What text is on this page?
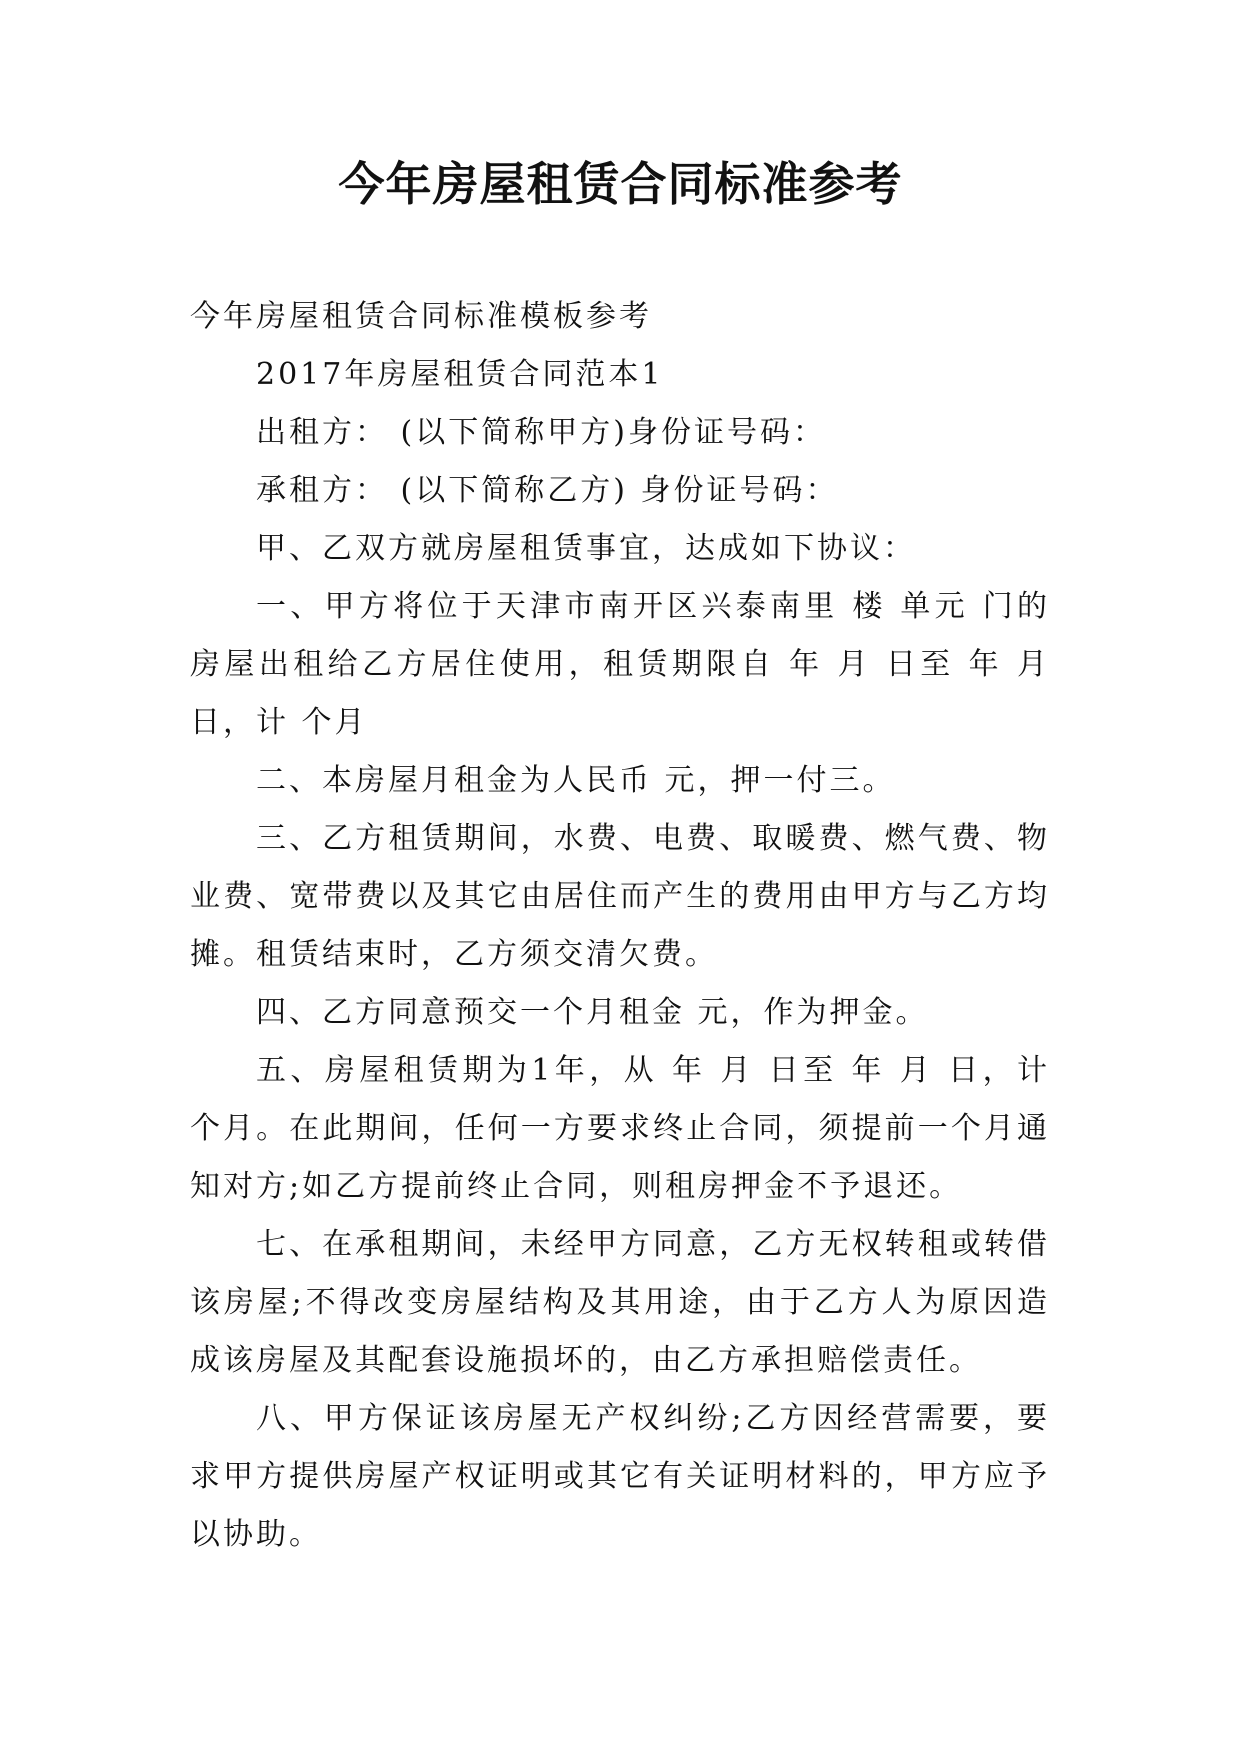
今年房屋租赁合同标准参考

今年房屋租赁合同标准模板参考

2017年房屋租赁合同范本1

出租方： (以下简称甲方)身份证号码：

承租方： (以下简称乙方) 身份证号码：

甲、乙双方就房屋租赁事宜，达成如下协议：

一、甲方将位于天津市南开区兴泰南里 楼 单元 门的房屋出租给乙方居住使用，租赁期限自 年 月 日至 年 月 日，计 个月

二、本房屋月租金为人民币 元，押一付三。

三、乙方租赁期间，水费、电费、取暖费、燃气费、物业费、宽带费以及其它由居住而产生的费用由甲方与乙方均摊。租赁结束时，乙方须交清欠费。

四、乙方同意预交一个月租金 元，作为押金。

五、房屋租赁期为1年，从 年 月 日至 年 月 日，计 个月。在此期间，任何一方要求终止合同，须提前一个月通知对方;如乙方提前终止合同，则租房押金不予退还。

七、在承租期间，未经甲方同意，乙方无权转租或转借该房屋;不得改变房屋结构及其用途，由于乙方人为原因造成该房屋及其配套设施损坏的，由乙方承担赔偿责任。

八、甲方保证该房屋无产权纠纷;乙方因经营需要，要求甲方提供房屋产权证明或其它有关证明材料的，甲方应予以协助。
